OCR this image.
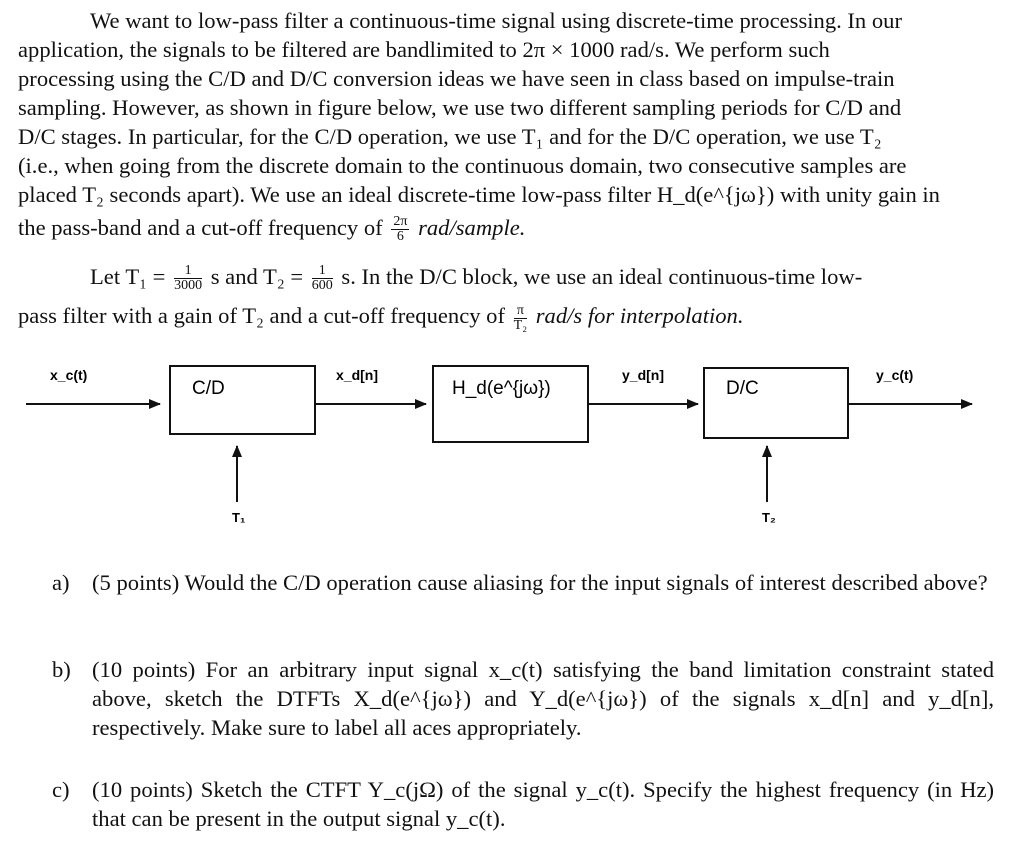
We want to low-pass filter a continuous-time signal using discrete-time processing. In our
application, the signals to be filtered are bandlimited to 2π × 1000 rad/s. We perform such
processing using the C/D and D/C conversion ideas we have seen in class based on impulse-train
sampling. However, as shown in figure below, we use two different sampling periods for C/D and
D/C stages. In particular, for the C/D operation, we use T₁ and for the D/C operation, we use T₂
(i.e., when going from the discrete domain to the continuous domain, two consecutive samples are
placed T₂ seconds apart). We use an ideal discrete-time low-pass filter H_d(e^{jω}) with unity gain in
the pass-band and a cut-off frequency of $\frac{2\pi}{6}$ rad/sample.
Let $T_1 = \frac{1}{3000}$ s and $T_2 = \frac{1}{600} s$. In the D/C block, we use an ideal continuous-time low-
pass filter with a gain of T₂ and a cut-off frequency of $\frac{\pi}{\text{T₂}} rad/s$ for interpolation.
x_c(t)
C/D
T₁
x_d[n]
H_d(e^{jω})
y_d[n]
D/C
T₂
y_c(t)
a) (5 points) Would the C/D operation cause aliasing for the input signals of interest described above?
b) (10 points) For an arbitrary input signal x_c(t) satisfying the band limitation constraint stated above, sketch the DTFTs X_d(e^{jω}) and Y_d(e^{jω}) of the signals x_d[n] and y_d[n], respectively. Make sure to label all aces appropriately.
c) (10 points) Sketch the CTFT Y_c(jΩ) of the signal y_c(t). Specify the highest frequency (in Hz) that can be present in the output signal y_c(t).
